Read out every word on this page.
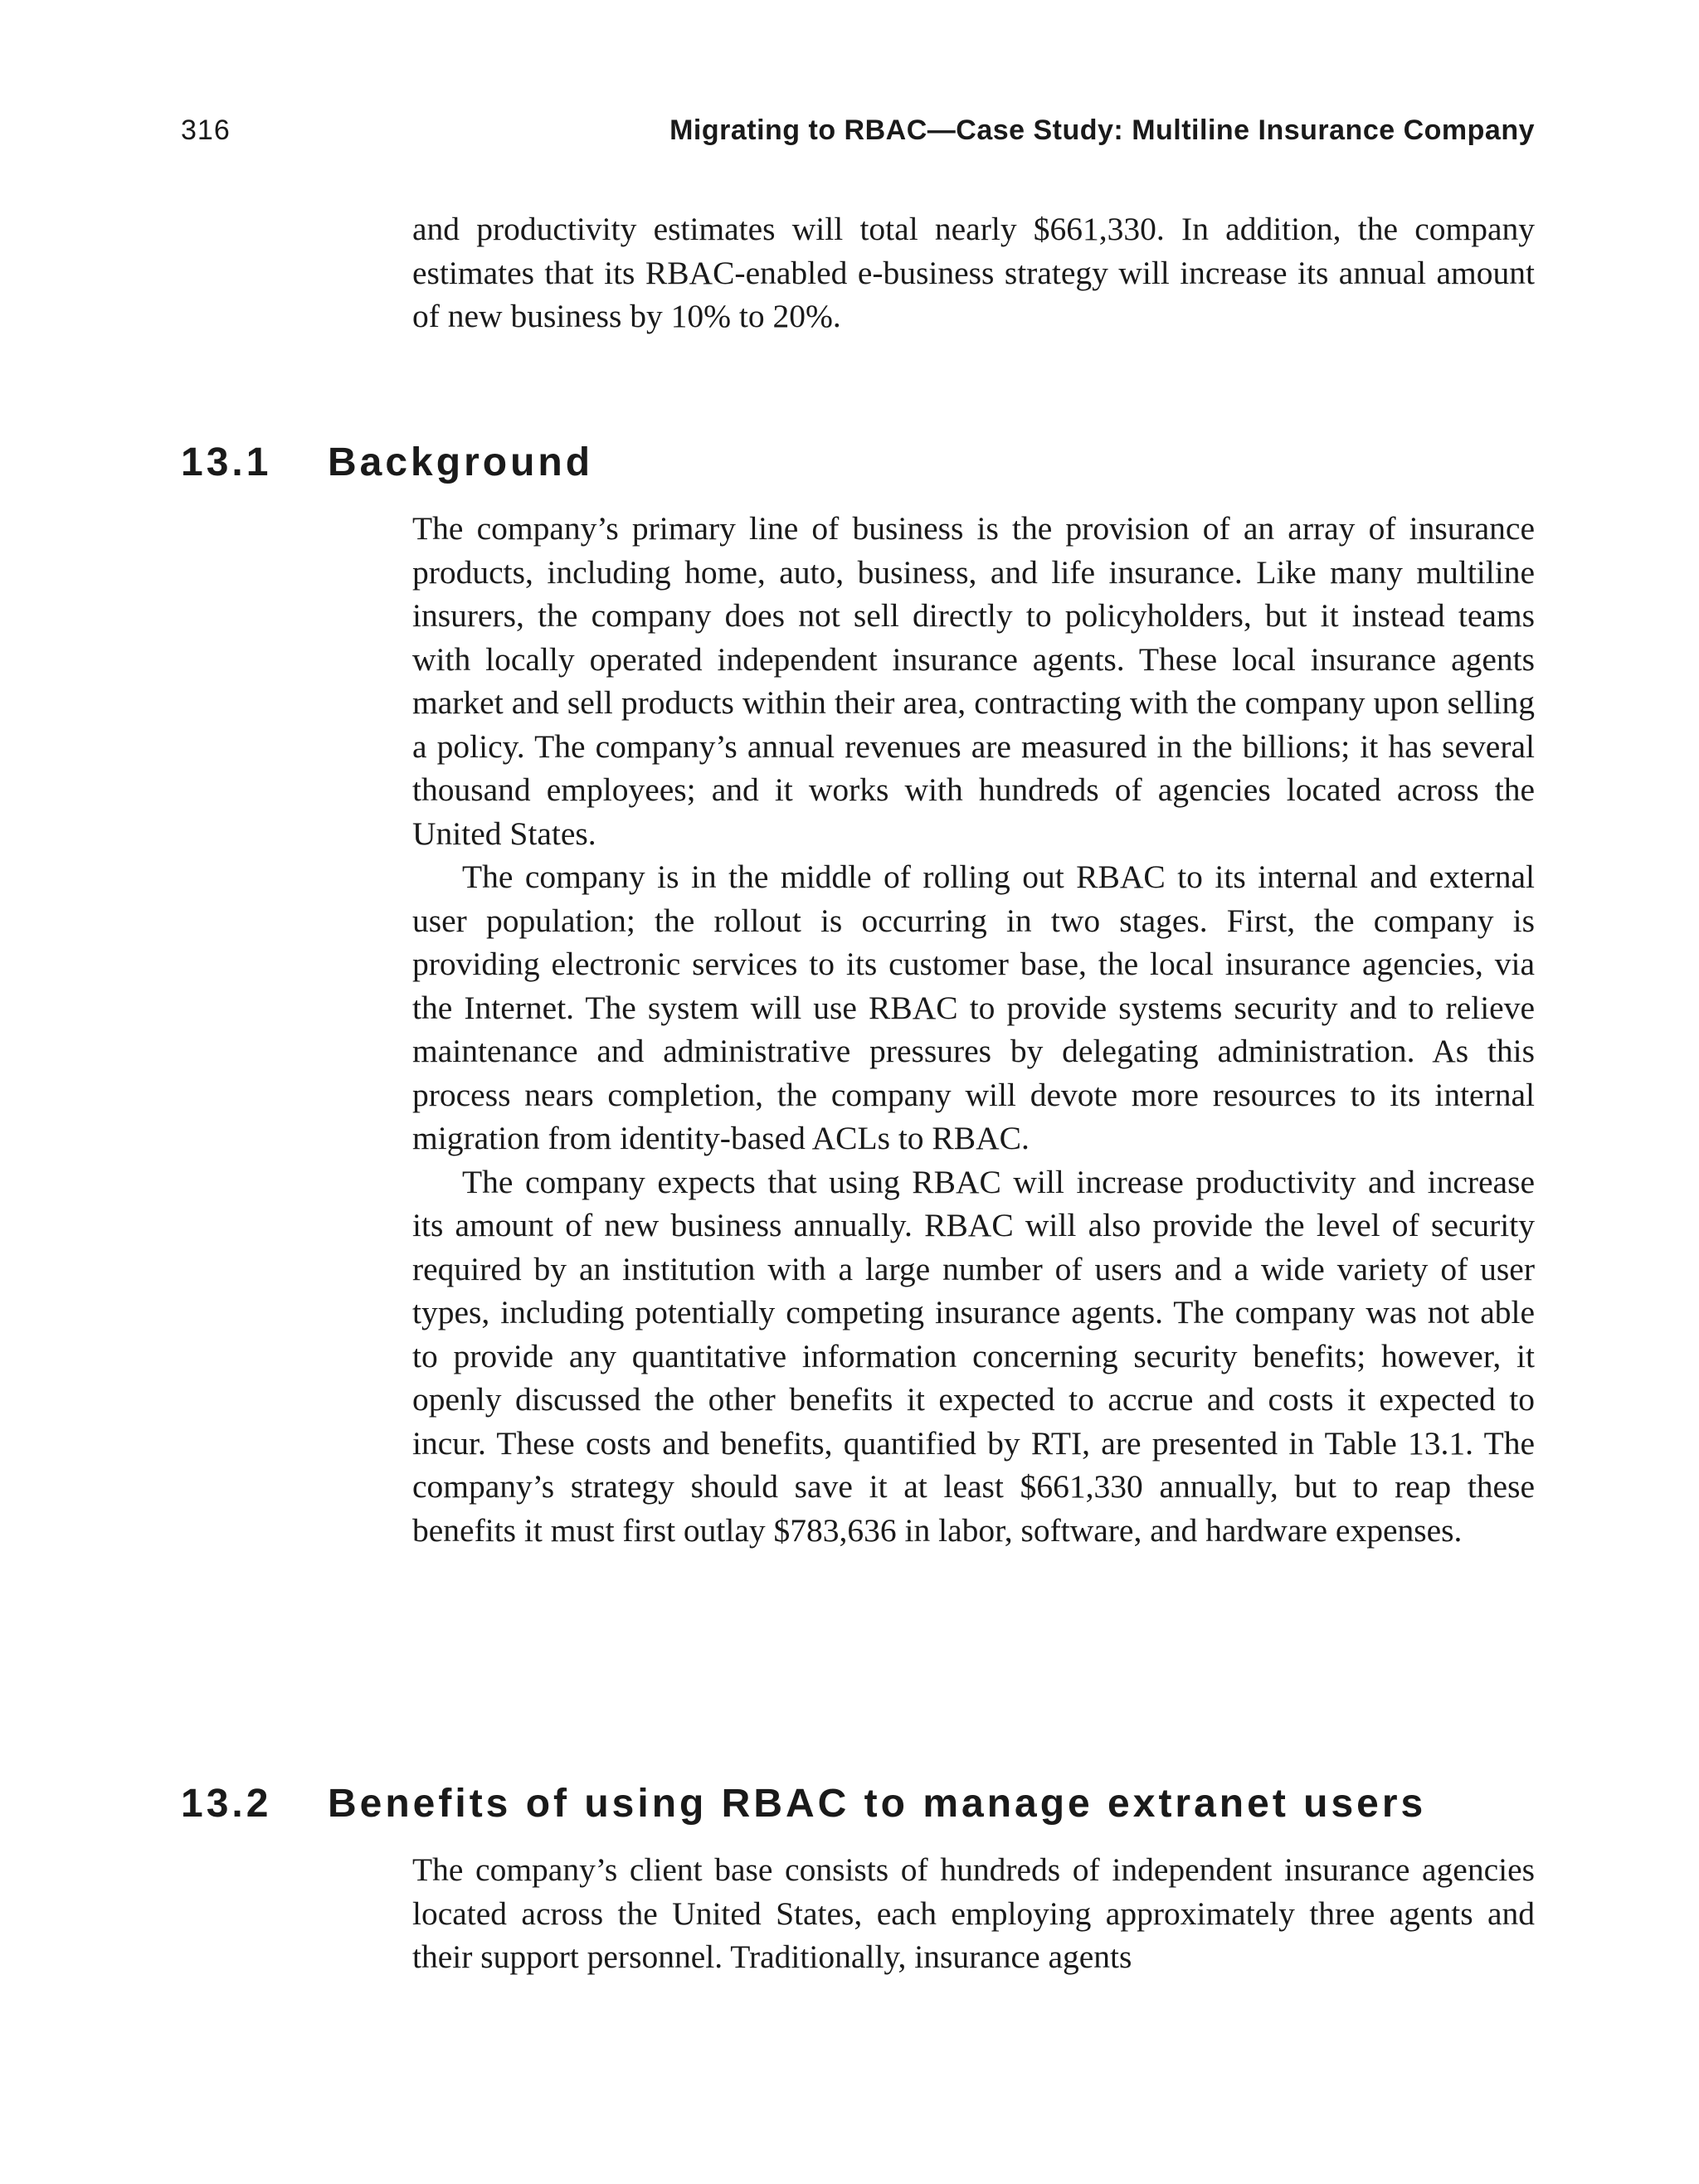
316	Migrating to RBAC—Case Study: Multiline Insurance Company

and productivity estimates will total nearly $661,330. In addition, the company estimates that its RBAC-enabled e-business strategy will increase its annual amount of new business by 10% to 20%.

13.1 Background

The company’s primary line of business is the provision of an array of insurance products, including home, auto, business, and life insurance. Like many multiline insurers, the company does not sell directly to policyholders, but it instead teams with locally operated independent insurance agents. These local insurance agents market and sell products within their area, contracting with the company upon selling a policy. The company’s annual revenues are measured in the billions; it has several thousand employees; and it works with hundreds of agencies located across the United States.

The company is in the middle of rolling out RBAC to its internal and external user population; the rollout is occurring in two stages. First, the company is providing electronic services to its customer base, the local insurance agencies, via the Internet. The system will use RBAC to provide systems security and to relieve maintenance and administrative pressures by delegating administration. As this process nears completion, the company will devote more resources to its internal migration from identity-based ACLs to RBAC.

The company expects that using RBAC will increase productivity and increase its amount of new business annually. RBAC will also provide the level of security required by an institution with a large number of users and a wide variety of user types, including potentially competing insurance agents. The company was not able to provide any quantitative information concerning security benefits; however, it openly discussed the other benefits it expected to accrue and costs it expected to incur. These costs and benefits, quantified by RTI, are presented in Table 13.1. The company’s strategy should save it at least $661,330 annually, but to reap these benefits it must first outlay $783,636 in labor, software, and hardware expenses.

13.2 Benefits of using RBAC to manage extranet users

The company’s client base consists of hundreds of independent insurance agencies located across the United States, each employing approximately three agents and their support personnel. Traditionally, insurance agents
